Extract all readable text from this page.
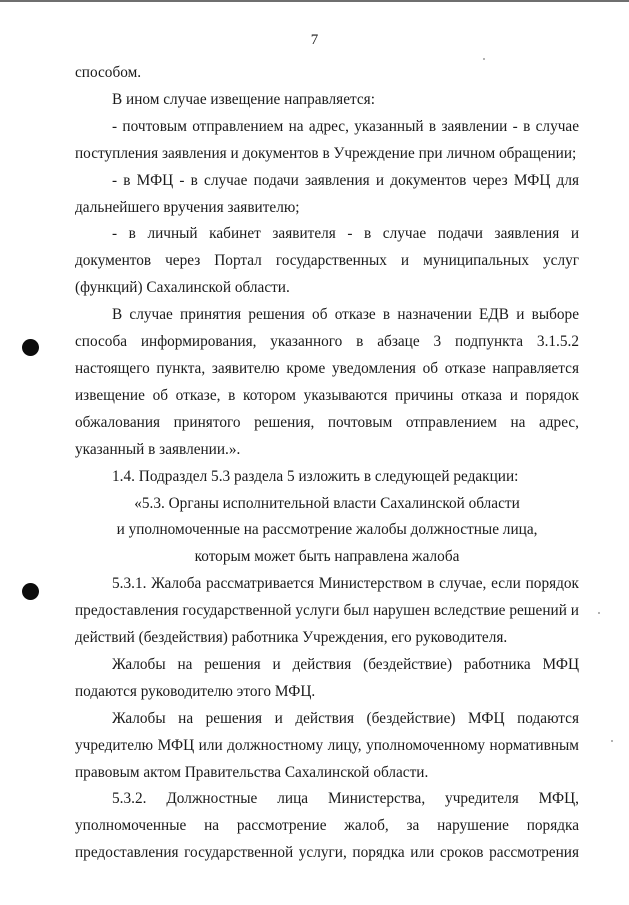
7

способом.

В ином случае извещение направляется:

- почтовым отправлением на адрес, указанный в заявлении - в случае поступления заявления и документов в Учреждение при личном обращении;

- в МФЦ - в случае подачи заявления и документов через МФЦ для дальнейшего вручения заявителю;

- в личный кабинет заявителя - в случае подачи заявления и документов через Портал государственных и муниципальных услуг (функций) Сахалинской области.

В случае принятия решения об отказе в назначении ЕДВ и выборе способа информирования, указанного в абзаце 3 подпункта 3.1.5.2 настоящего пункта, заявителю кроме уведомления об отказе направляется извещение об отказе, в котором указываются причины отказа и порядок обжалования принятого решения, почтовым отправлением на адрес, указанный в заявлении.».

1.4. Подраздел 5.3 раздела 5 изложить в следующей редакции:

«5.3. Органы исполнительной власти Сахалинской области

и уполномоченные на рассмотрение жалобы должностные лица,

которым может быть направлена жалоба

5.3.1. Жалоба рассматривается Министерством в случае, если порядок предоставления государственной услуги был нарушен вследствие решений и действий (бездействия) работника Учреждения, его руководителя.

Жалобы на решения и действия (бездействие) работника МФЦ подаются руководителю этого МФЦ.

Жалобы на решения и действия (бездействие) МФЦ подаются учредителю МФЦ или должностному лицу, уполномоченному нормативным правовым актом Правительства Сахалинской области.

5.3.2. Должностные лица Министерства, учредителя МФЦ, уполномоченные на рассмотрение жалоб, за нарушение порядка предоставления государственной услуги, порядка или сроков рассмотрения
